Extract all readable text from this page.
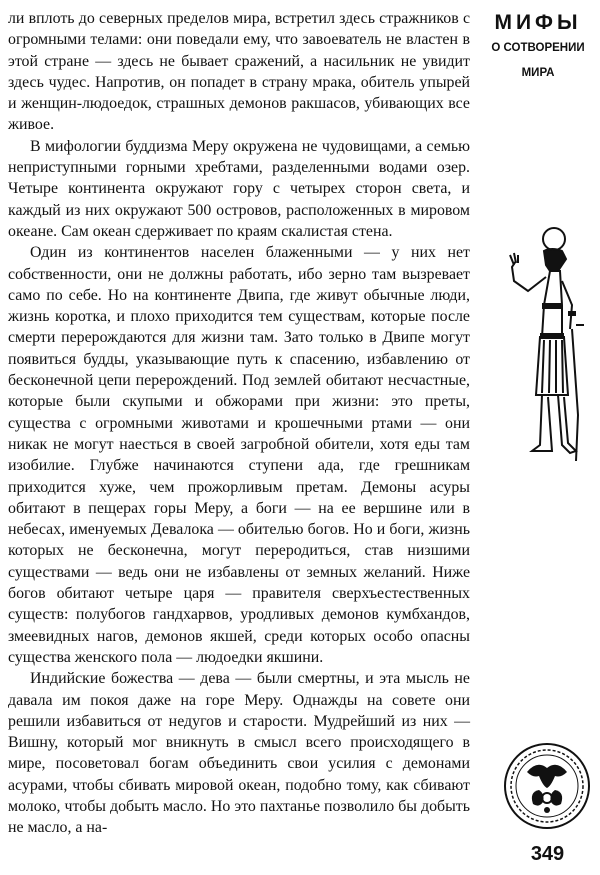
ли вплоть до северных пределов мира, встретил здесь стражников с огромными телами: они поведали ему, что завоеватель не властен в этой стране — здесь не бывает сражений, а насильник не увидит здесь чудес. Напротив, он попадет в страну мрака, обитель упырей и женщин-людоедок, страшных демонов ракшасов, убивающих все живое.

В мифологии буддизма Меру окружена не чудовищами, а семью неприступными горными хребтами, разделенными водами озер. Четыре континента окружают гору с четырех сторон света, и каждый из них окружают 500 островов, расположенных в мировом океане. Сам океан сдерживает по краям скалистая стена.

Один из континентов населен блаженными — у них нет собственности, они не должны работать, ибо зерно там вызревает само по себе. Но на континенте Двипа, где живут обычные люди, жизнь коротка, и плохо приходится тем существам, которые после смерти перерождаются для жизни там. Зато только в Двипе могут появиться будды, указывающие путь к спасению, избавлению от бесконечной цепи перерождений. Под землей обитают несчастные, которые были скупыми и обжорами при жизни: это преты, существа с огромными животами и крошечными ртами — они никак не могут наесться в своей загробной обители, хотя еды там изобилие. Глубже начинаются ступени ада, где грешникам приходится хуже, чем прожорливым претам. Демоны асуры обитают в пещерах горы Меру, а боги — на ее вершине или в небесах, именуемых Девалока — обителью богов. Но и боги, жизнь которых не бесконечна, могут переродиться, став низшими существами — ведь они не избавлены от земных желаний. Ниже богов обитают четыре царя — правителя сверхъестественных существ: полубогов гандхарвов, уродливых демонов кумбхандов, змеевидных нагов, демонов якшей, среди которых особо опасны существа женского пола — людоедки якшини.

Индийские божества — дева — были смертны, и эта мысль не давала им покоя даже на горе Меру. Однажды на совете они решили избавиться от недугов и старости. Мудрейший из них — Вишну, который мог вникнуть в смысл всего происходящего в мире, посоветовал богам объединить свои усилия с демонами асурами, чтобы сбивать мировой океан, подобно тому, как сбивают молоко, чтобы добыть масло. Но это пахтанье позволило бы добыть не масло, а на-

МИФЫ
О СОТВОРЕНИИ
МИРА
349
